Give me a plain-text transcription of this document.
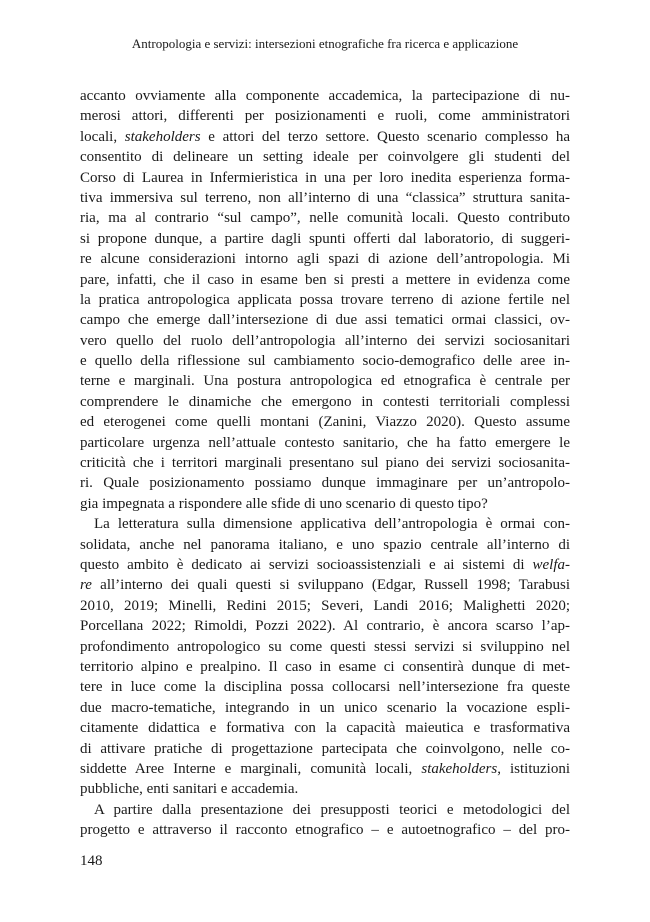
Antropologia e servizi: intersezioni etnografiche fra ricerca e applicazione
accanto ovviamente alla componente accademica, la partecipazione di nu-
merosi attori, differenti per posizionamenti e ruoli, come amministratori
locali, stakeholders e attori del terzo settore. Questo scenario complesso ha
consentito di delineare un setting ideale per coinvolgere gli studenti del
Corso di Laurea in Infermieristica in una per loro inedita esperienza forma-
tiva immersiva sul terreno, non all’interno di una “classica” struttura sanita-
ria, ma al contrario “sul campo”, nelle comunità locali. Questo contributo
si propone dunque, a partire dagli spunti offerti dal laboratorio, di suggeri-
re alcune considerazioni intorno agli spazi di azione dell’antropologia. Mi
pare, infatti, che il caso in esame ben si presti a mettere in evidenza come
la pratica antropologica applicata possa trovare terreno di azione fertile nel
campo che emerge dall’intersezione di due assi tematici ormai classici, ov-
vero quello del ruolo dell’antropologia all’interno dei servizi sociosanitari
e quello della riflessione sul cambiamento socio-demografico delle aree in-
terne e marginali. Una postura antropologica ed etnografica è centrale per
comprendere le dinamiche che emergono in contesti territoriali complessi
ed eterogenei come quelli montani (Zanini, Viazzo 2020). Questo assume
particolare urgenza nell’attuale contesto sanitario, che ha fatto emergere le
criticità che i territori marginali presentano sul piano dei servizi sociosanita-
ri. Quale posizionamento possiamo dunque immaginare per un’antropolo-
gia impegnata a rispondere alle sfide di uno scenario di questo tipo?
La letteratura sulla dimensione applicativa dell’antropologia è ormai con-
solidata, anche nel panorama italiano, e uno spazio centrale all’interno di
questo ambito è dedicato ai servizi socioassistenziali e ai sistemi di welfa-
re all’interno dei quali questi si sviluppano (Edgar, Russell 1998; Tarabusi
2010, 2019; Minelli, Redini 2015; Severi, Landi 2016; Malighetti 2020;
Porcellana 2022; Rimoldi, Pozzi 2022). Al contrario, è ancora scarso l’ap-
profondimento antropologico su come questi stessi servizi si sviluppino nel
territorio alpino e prealpino. Il caso in esame ci consentirà dunque di met-
tere in luce come la disciplina possa collocarsi nell’intersezione fra queste
due macro-tematiche, integrando in un unico scenario la vocazione espli-
citamente didattica e formativa con la capacità maieutica e trasformativa
di attivare pratiche di progettazione partecipata che coinvolgono, nelle co-
siddette Aree Interne e marginali, comunità locali, stakeholders, istituzioni
pubbliche, enti sanitari e accademia.
A partire dalla presentazione dei presupposti teorici e metodologici del
progetto e attraverso il racconto etnografico – e autoetnografico – del pro-
148
